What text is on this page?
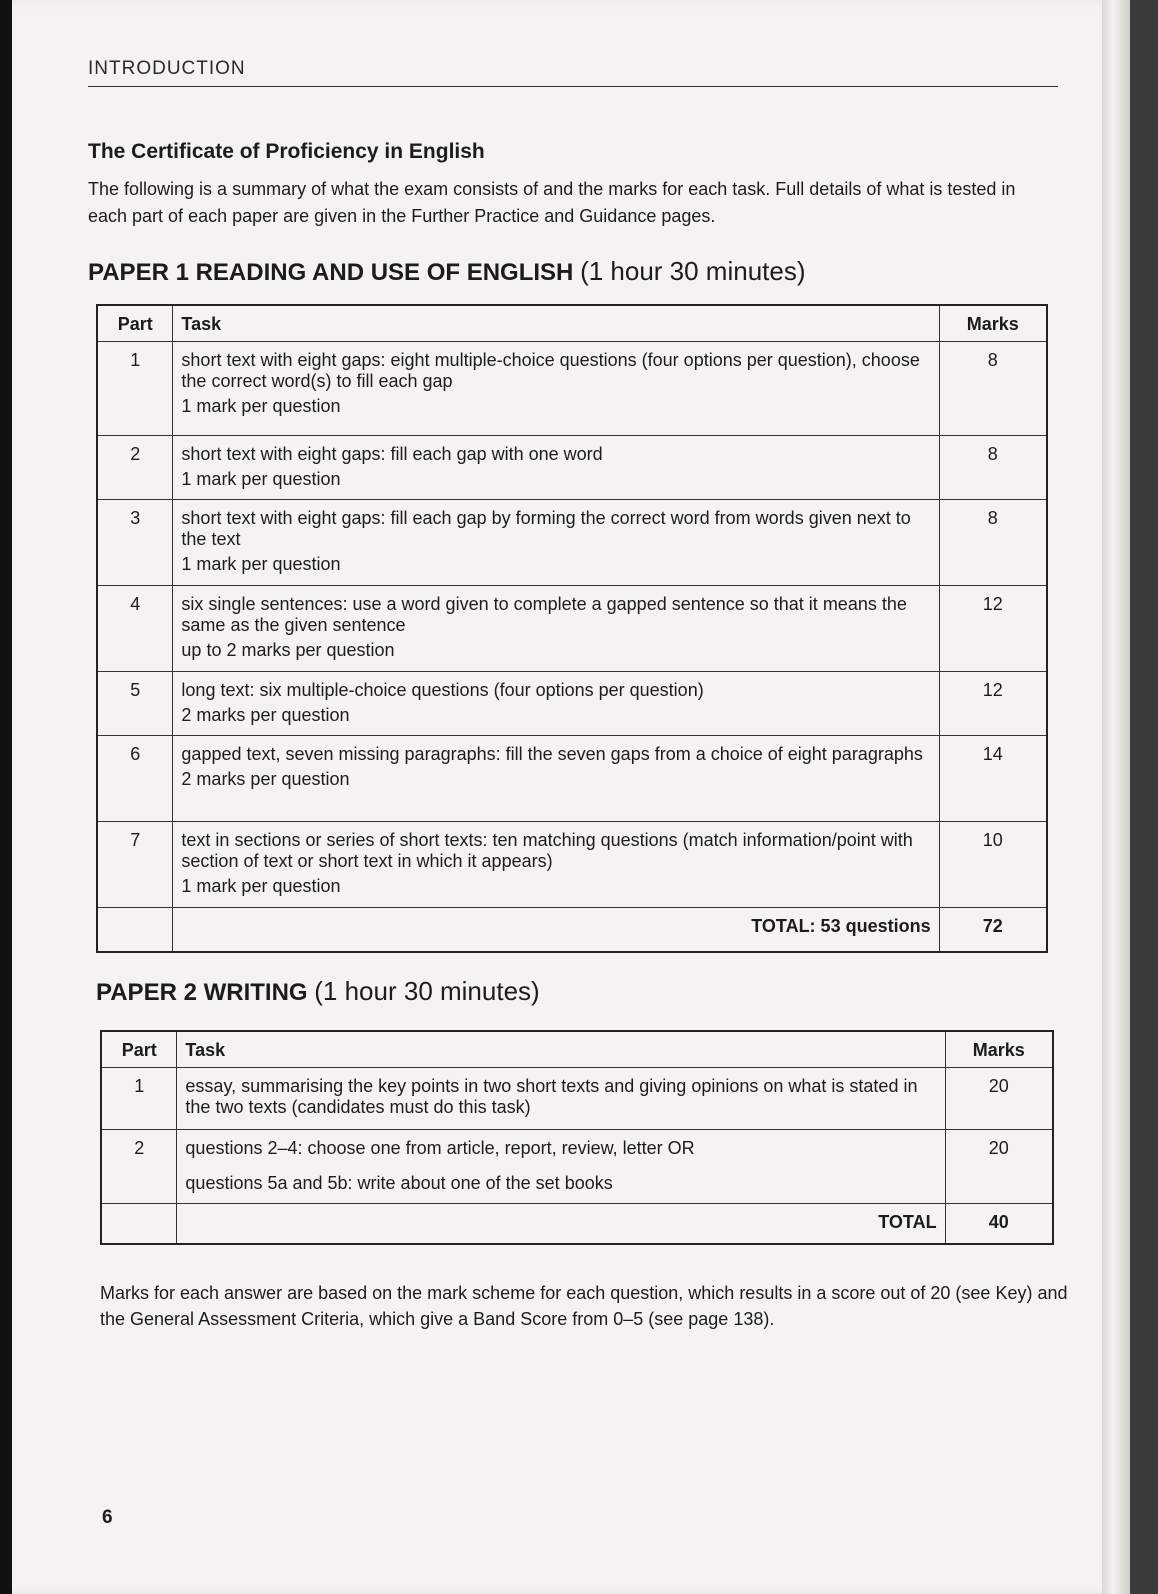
INTRODUCTION
The Certificate of Proficiency in English
The following is a summary of what the exam consists of and the marks for each task. Full details of what is tested in each part of each paper are given in the Further Practice and Guidance pages.
PAPER 1 READING AND USE OF ENGLISH (1 hour 30 minutes)
Part	Task	Marks
1	short text with eight gaps: eight multiple-choice questions (four options per question), choose the correct word(s) to fill each gap
1 mark per question	8
2	short text with eight gaps: fill each gap with one word
1 mark per question	8
3	short text with eight gaps: fill each gap by forming the correct word from words given next to the text
1 mark per question	8
4	six single sentences: use a word given to complete a gapped sentence so that it means the same as the given sentence
up to 2 marks per question	12
5	long text: six multiple-choice questions (four options per question)
2 marks per question	12
6	gapped text, seven missing paragraphs: fill the seven gaps from a choice of eight paragraphs
2 marks per question	14
7	text in sections or series of short texts: ten matching questions (match information/point with section of text or short text in which it appears)
1 mark per question	10
	TOTAL: 53 questions	72
PAPER 2 WRITING (1 hour 30 minutes)
Part	Task	Marks
1	essay, summarising the key points in two short texts and giving opinions on what is stated in the two texts (candidates must do this task)	20
2	questions 2–4: choose one from article, report, review, letter OR
questions 5a and 5b: write about one of the set books	20
	TOTAL	40
Marks for each answer are based on the mark scheme for each question, which results in a score out of 20 (see Key) and the General Assessment Criteria, which give a Band Score from 0–5 (see page 138).
6
